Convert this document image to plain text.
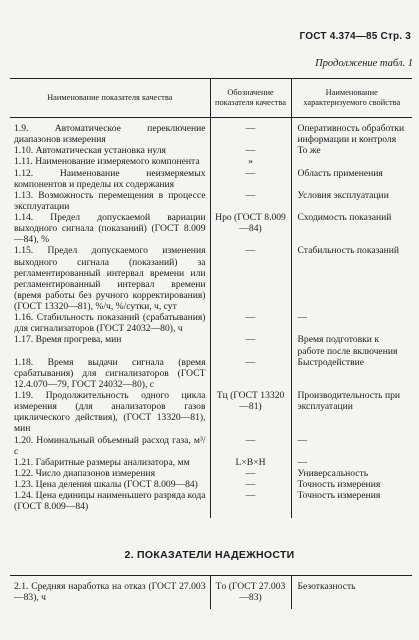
ГОСТ 4.374—85 Стр. 3
Продолжение табл. 1
Наименование показателя качества	Обозначение показателя качества	Наименование характеризуемого свойства
1.9. Автоматическое переключение диапазонов измерения	—	Оперативность обработки информации и контроля
1.10. Автоматическая установка нуля	—	То же
1.11. Наименование измеряемого компонента	»	
1.12. Наименование неизмеряемых компонентов и пределы их содержания	—	Область применения
1.13. Возможность перемещения в процессе эксплуатации	—	Условия эксплуатации
1.14. Предел допускаемой вариации выходного сигнала (показаний) (ГОСТ 8.009—84), %	Hро (ГОСТ 8.009—84)	Сходимость показаний
1.15. Предел допускаемого изменения выходного сигнала (показаний) за регламентированный интервал времени или регламентированный интервал времени (время работы без ручного корректирования) (ГОСТ 13320—81), %/ч, %/сутки, ч, сут	—	Стабильность показаний
1.16. Стабильность показаний (срабатывания) для сигнализаторов (ГОСТ 24032—80), ч	—	—
1.17. Время прогрева, мин	—	Время подготовки к работе после включения
1.18. Время выдачи сигнала (время срабатывания) для сигнализаторов (ГОСТ 12.4.070—79, ГОСТ 24032—80), с	—	Быстродействие
1.19. Продолжительность одного цикла измерения (для анализаторов газов циклического действия), (ГОСТ 13320—81), мин	Tц (ГОСТ 13320—81)	Производительность при эксплуатации
1.20. Номинальный объемный расход газа, м³/с	—	—
1.21. Габаритные размеры анализатора, мм	L×B×H	—
1.22. Число диапазонов измерения	—	Универсальность
1.23. Цена деления шкалы (ГОСТ 8.009—84)	—	Точность измерения
1.24. Цена единицы наименьшего разряда кода (ГОСТ 8.009—84)	—	Точность измерения
2. ПОКАЗАТЕЛИ НАДЕЖНОСТИ
2.1. Средняя наработка на отказ (ГОСТ 27.003—83), ч	Tо (ГОСТ 27.003—83)	Безотказность
